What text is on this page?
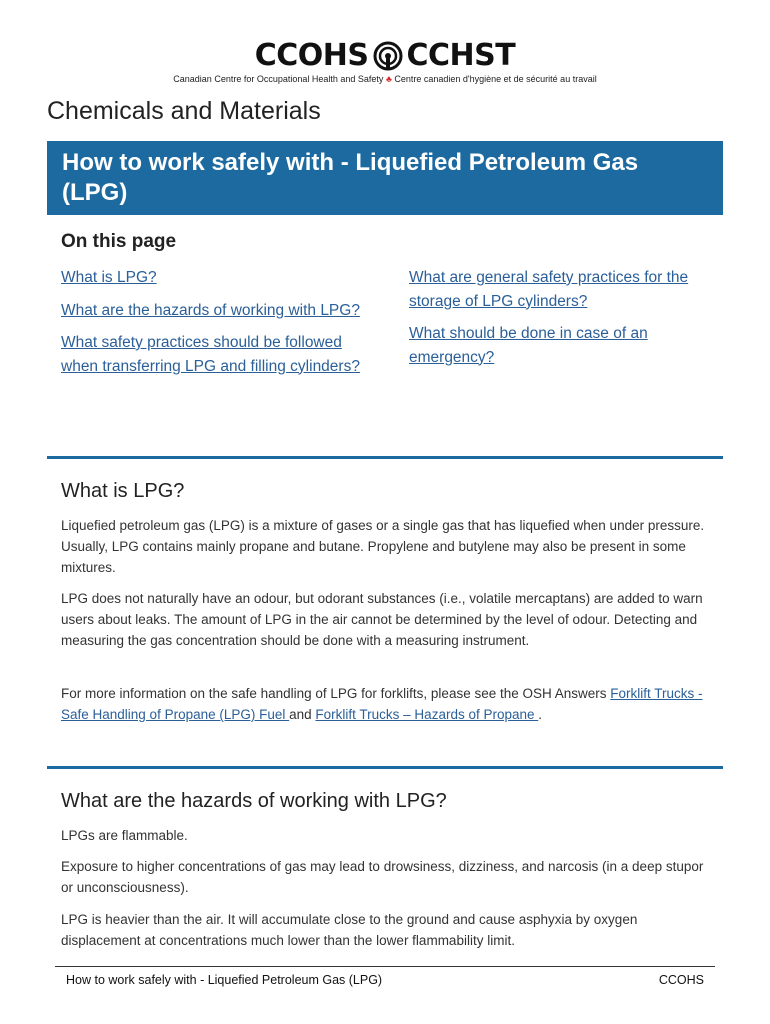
CCOHS CCHST
Canadian Centre for Occupational Health and Safety ♣ Centre canadien d'hygiène et de sécurité au travail
Chemicals and Materials
How to work safely with - Liquefied Petroleum Gas (LPG)
On this page
What is LPG?
What are the hazards of working with LPG?
What safety practices should be followed when transferring LPG and filling cylinders?
What are general safety practices for the storage of LPG cylinders?
What should be done in case of an emergency?
What is LPG?

Liquefied petroleum gas (LPG) is a mixture of gases or a single gas that has liquefied when under pressure. Usually, LPG contains mainly propane and butane. Propylene and butylene may also be present in some mixtures.

LPG does not naturally have an odour, but odorant substances (i.e., volatile mercaptans) are added to warn users about leaks. The amount of LPG in the air cannot be determined by the level of odour. Detecting and measuring the gas concentration should be done with a measuring instrument.

For more information on the safe handling of LPG for forklifts, please see the OSH Answers Forklift Trucks - Safe Handling of Propane (LPG) Fuel and Forklift Trucks – Hazards of Propane .

What are the hazards of working with LPG?

LPGs are flammable.

Exposure to higher concentrations of gas may lead to drowsiness, dizziness, and narcosis (in a deep stupor or unconsciousness).

LPG is heavier than the air. It will accumulate close to the ground and cause asphyxia by oxygen displacement at concentrations much lower than the lower flammability limit.

How to work safely with - Liquefied Petroleum Gas (LPG)	CCOHS
